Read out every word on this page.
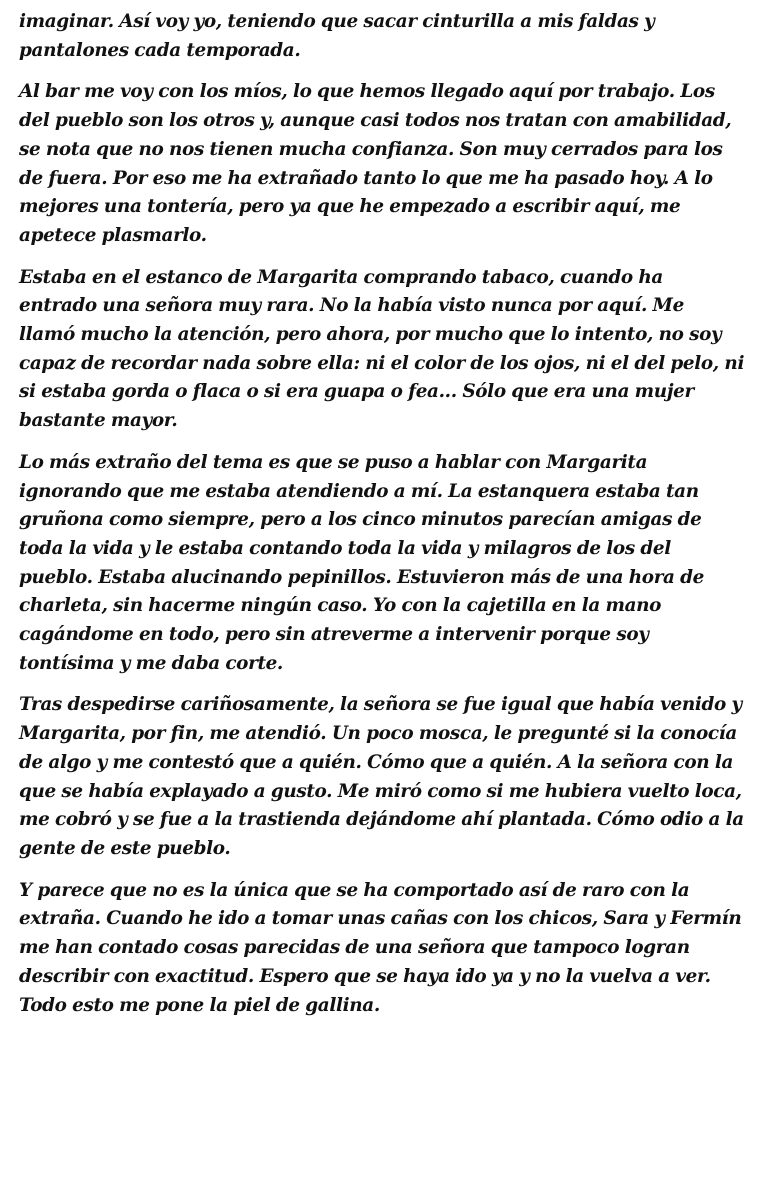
imaginar. Así voy yo, teniendo que sacar cinturilla a mis faldas y pantalones cada temporada.

Al bar me voy con los míos, lo que hemos llegado aquí por trabajo. Los del pueblo son los otros y, aunque casi todos nos tratan con amabilidad, se nota que no nos tienen mucha confianza. Son muy cerrados para los de fuera. Por eso me ha extrañado tanto lo que me ha pasado hoy. A lo mejores una tontería, pero ya que he empezado a escribir aquí, me apetece plasmarlo.

Estaba en el estanco de Margarita comprando tabaco, cuando ha entrado una señora muy rara. No la había visto nunca por aquí. Me llamó mucho la atención, pero ahora, por mucho que lo intento, no soy capaz de recordar nada sobre ella: ni el color de los ojos, ni el del pelo, ni si estaba gorda o flaca o si era guapa o fea... Sólo que era una mujer bastante mayor.

Lo más extraño del tema es que se puso a hablar con Margarita ignorando que me estaba atendiendo a mí. La estanquera estaba tan gruñona como siempre, pero a los cinco minutos parecían amigas de toda la vida y le estaba contando toda la vida y milagros de los del pueblo. Estaba alucinando pepinillos. Estuvieron más de una hora de charleta, sin hacerme ningún caso. Yo con la cajetilla en la mano cagándome en todo, pero sin atreverme a intervenir porque soy tontísima y me daba corte.

Tras despedirse cariñosamente, la señora se fue igual que había venido y Margarita, por fin, me atendió. Un poco mosca, le pregunté si la conocía de algo y me contestó que a quién. Cómo que a quién. A la señora con la que se había explayado a gusto. Me miró como si me hubiera vuelto loca, me cobró y se fue a la trastienda dejándome ahí plantada. Cómo odio a la gente de este pueblo.

Y parece que no es la única que se ha comportado así de raro con la extraña. Cuando he ido a tomar unas cañas con los chicos, Sara y Fermín me han contado cosas parecidas de una señora que tampoco logran describir con exactitud. Espero que se haya ido ya y no la vuelva a ver. Todo esto me pone la piel de gallina.
